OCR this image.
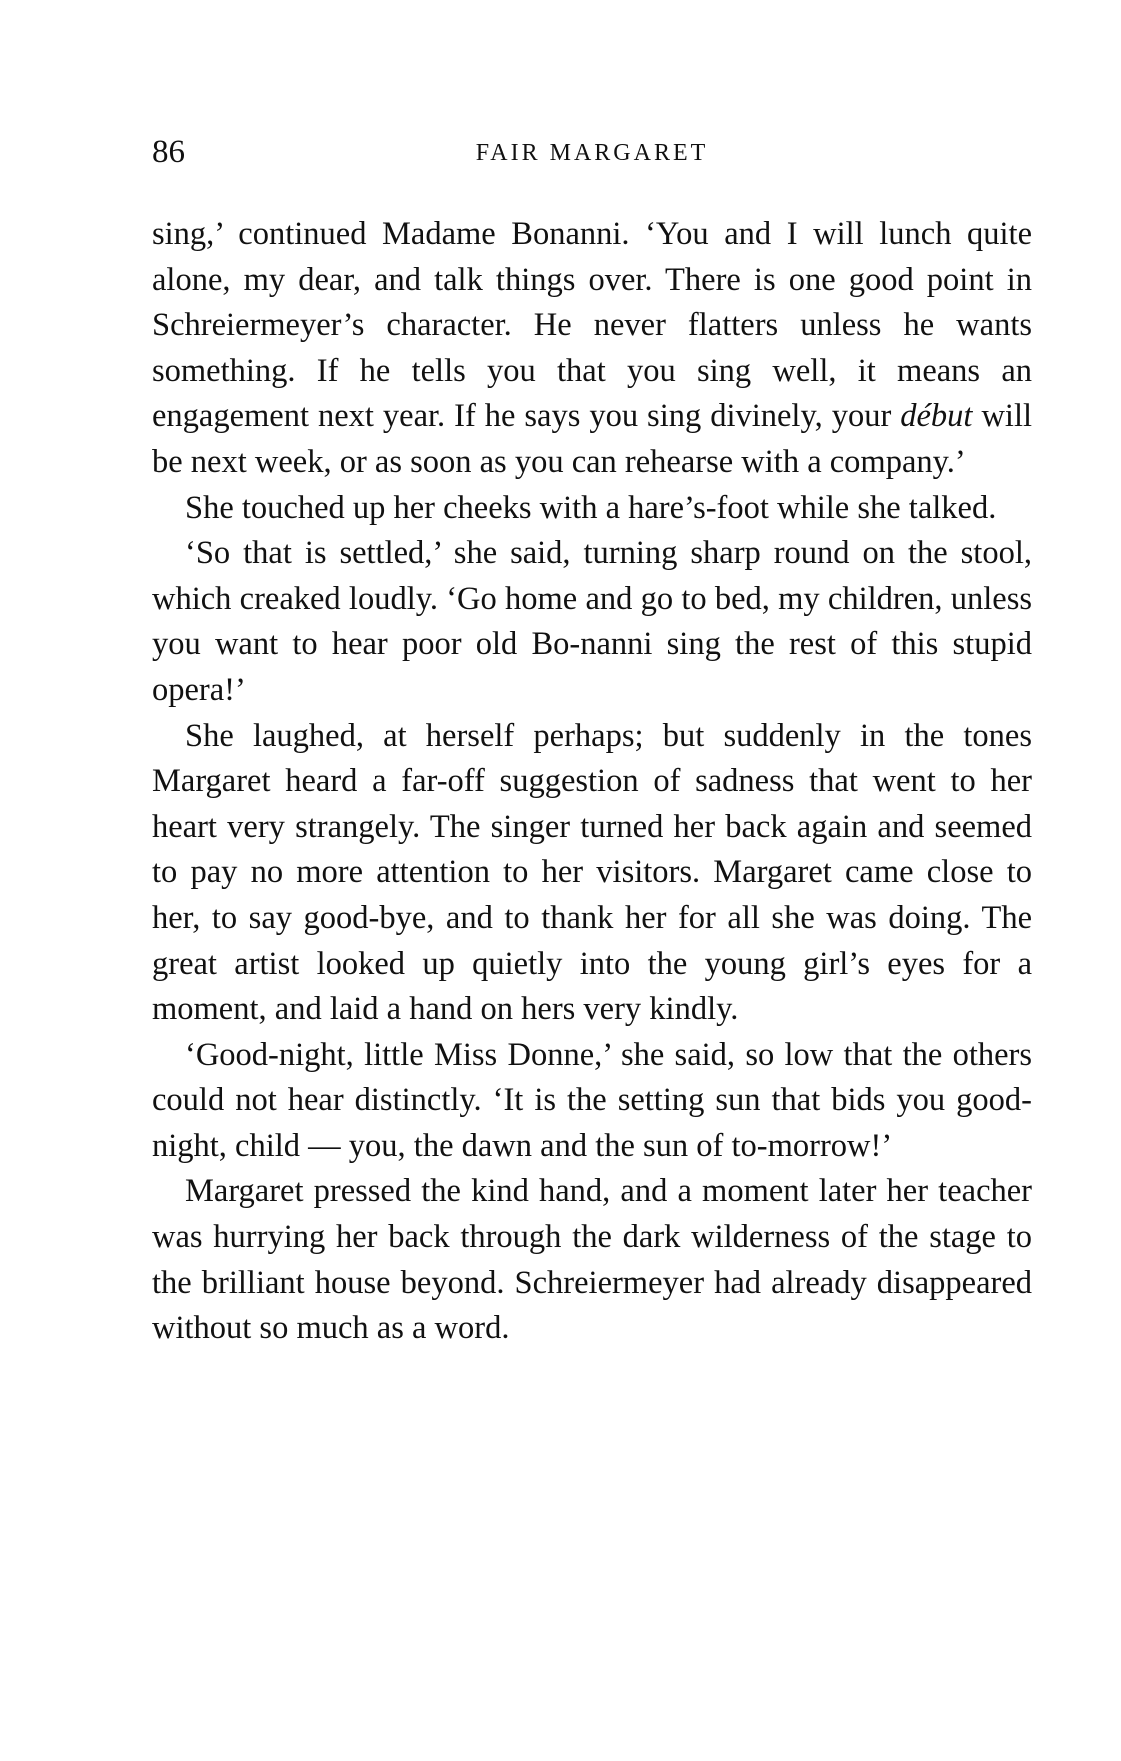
86	FAIR MARGARET

sing,’ continued Madame Bonanni. ‘You and I will lunch quite alone, my dear, and talk things over. There is one good point in Schreiermeyer’s character. He never flatters unless he wants something. If he tells you that you sing well, it means an engagement next year. If he says you sing divinely, your début will be next week, or as soon as you can rehearse with a company.’

She touched up her cheeks with a hare’s-foot while she talked.

‘So that is settled,’ she said, turning sharp round on the stool, which creaked loudly. ‘Go home and go to bed, my children, unless you want to hear poor old Bo-nanni sing the rest of this stupid opera!’

She laughed, at herself perhaps; but suddenly in the tones Margaret heard a far-off suggestion of sadness that went to her heart very strangely. The singer turned her back again and seemed to pay no more attention to her visitors. Margaret came close to her, to say good-bye, and to thank her for all she was doing. The great artist looked up quietly into the young girl’s eyes for a moment, and laid a hand on hers very kindly.

‘Good-night, little Miss Donne,’ she said, so low that the others could not hear distinctly. ‘It is the setting sun that bids you good-night, child — you, the dawn and the sun of to-morrow!’

Margaret pressed the kind hand, and a moment later her teacher was hurrying her back through the dark wilderness of the stage to the brilliant house beyond. Schreiermeyer had already disappeared without so much as a word.
